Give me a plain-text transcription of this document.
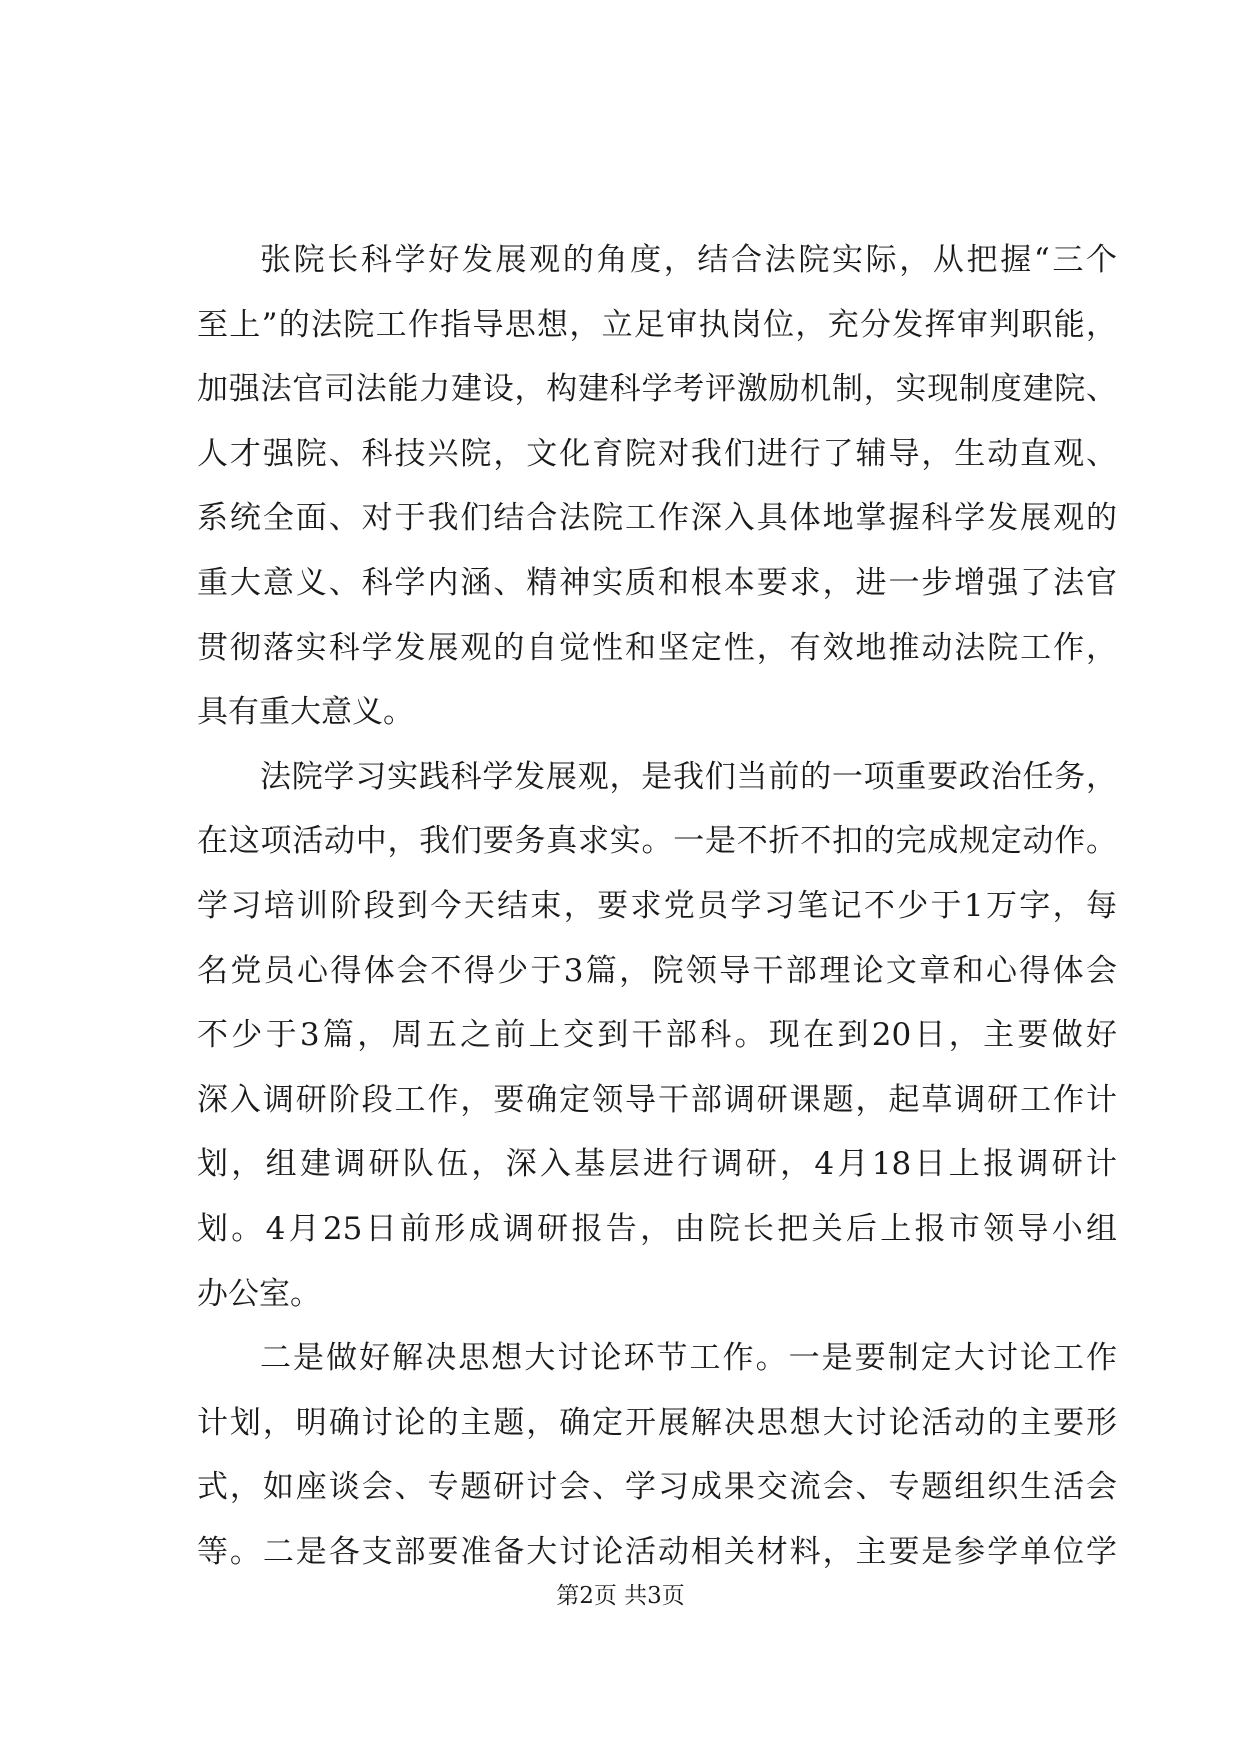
张院长科学好发展观的角度，结合法院实际，从把握“三个
至上”的法院工作指导思想，立足审执岗位，充分发挥审判职能，
加强法官司法能力建设，构建科学考评激励机制，实现制度建院、
人才强院、科技兴院，文化育院对我们进行了辅导，生动直观、
系统全面、对于我们结合法院工作深入具体地掌握科学发展观的
重大意义、科学内涵、精神实质和根本要求，进一步增强了法官
贯彻落实科学发展观的自觉性和坚定性，有效地推动法院工作，
具有重大意义。
法院学习实践科学发展观，是我们当前的一项重要政治任务，
在这项活动中，我们要务真求实。一是不折不扣的完成规定动作。
学习培训阶段到今天结束，要求党员学习笔记不少于1万字，每
名党员心得体会不得少于3篇，院领导干部理论文章和心得体会
不少于3篇，周五之前上交到干部科。现在到20日，主要做好
深入调研阶段工作，要确定领导干部调研课题，起草调研工作计
划，组建调研队伍，深入基层进行调研，4月18日上报调研计
划。4月25日前形成调研报告，由院长把关后上报市领导小组
办公室。
二是做好解决思想大讨论环节工作。一是要制定大讨论工作
计划，明确讨论的主题，确定开展解决思想大讨论活动的主要形
式，如座谈会、专题研讨会、学习成果交流会、专题组织生活会
等。二是各支部要准备大讨论活动相关材料，主要是参学单位学
第2页 共3页
